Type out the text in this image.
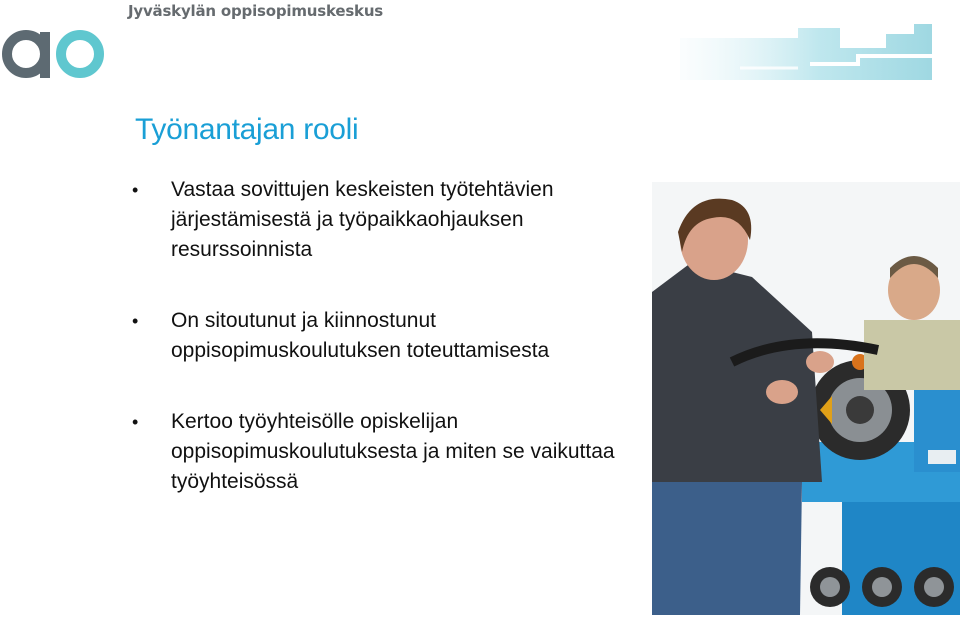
Jyväskylän oppisopimuskeskus
Työnantajan rooli
• Vastaa sovittujen keskeisten työtehtävien järjestämisestä ja työpaikkaohjauksen resurssoinnista
• On sitoutunut ja kiinnostunut oppisopimuskoulutuksen toteuttamisesta
• Kertoo työyhteisölle opiskelijan oppisopimuskoulutuksesta ja miten se vaikuttaa työyhteisössä
